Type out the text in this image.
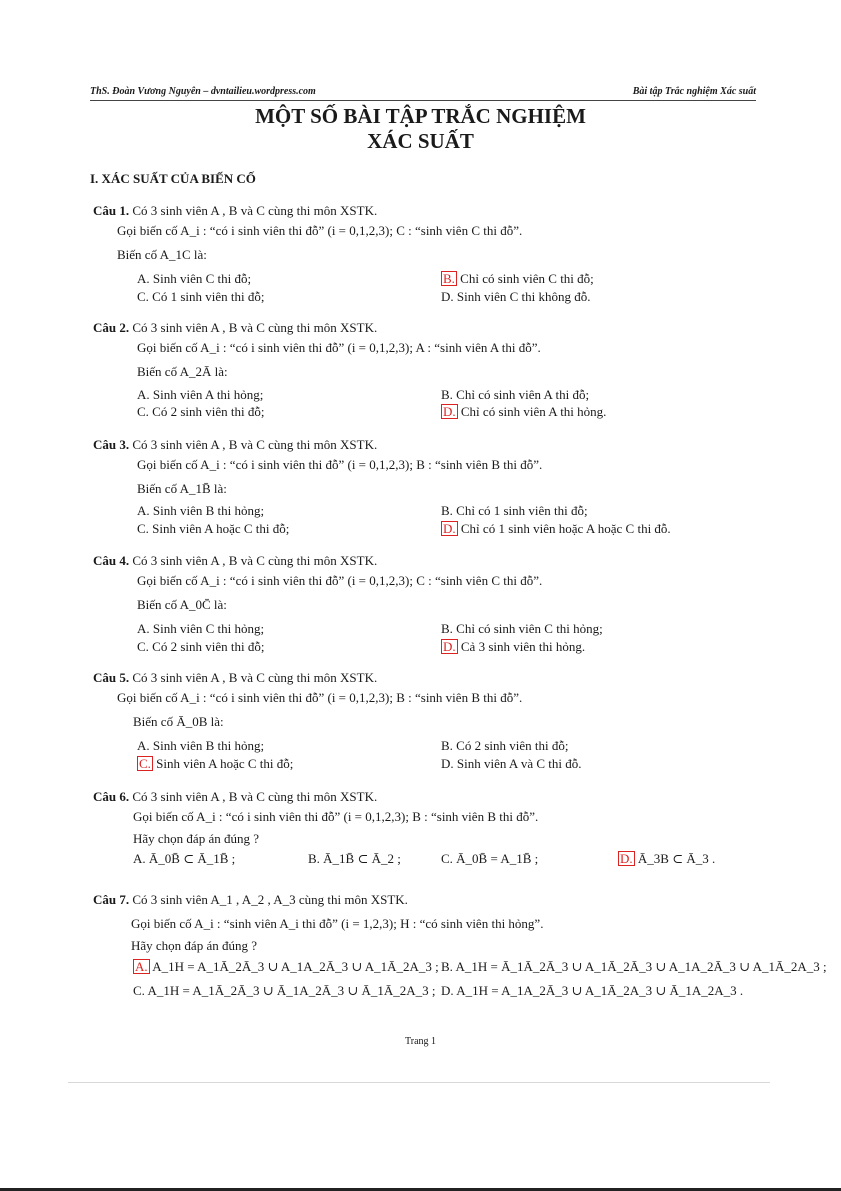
ThS. Đoàn Vương Nguyên – dvntailieu.wordpress.com	Bài tập Trắc nghiệm Xác suất
MỘT SỐ BÀI TẬP TRẮC NGHIỆM
XÁC SUẤT
I. XÁC SUẤT CỦA BIẾN CỐ
Câu 1. Có 3 sinh viên A , B và C cùng thi môn XSTK.
Gọi biến cố A_i : “có i sinh viên thi đỗ” (i = 0,1,2,3); C : “sinh viên C thi đỗ”.
Biến cố A_1C là:
A. Sinh viên C thi đỗ;	B. Chỉ có sinh viên C thi đỗ;
C. Có 1 sinh viên thi đỗ;	D. Sinh viên C thi không đỗ.
Câu 2. Có 3 sinh viên A , B và C cùng thi môn XSTK.
Gọi biến cố A_i : “có i sinh viên thi đỗ” (i = 0,1,2,3); A : “sinh viên A thi đỗ”.
Biến cố A_2Ā là:
A. Sinh viên A thi hỏng;	B. Chỉ có sinh viên A thi đỗ;
C. Có 2 sinh viên thi đỗ;	D. Chỉ có sinh viên A thi hỏng.
Câu 3. Có 3 sinh viên A , B và C cùng thi môn XSTK.
Gọi biến cố A_i : “có i sinh viên thi đỗ” (i = 0,1,2,3); B : “sinh viên B thi đỗ”.
Biến cố A_1B̄ là:
A. Sinh viên B thi hỏng;	B. Chỉ có 1 sinh viên thi đỗ;
C. Sinh viên A hoặc C thi đỗ;	D. Chỉ có 1 sinh viên hoặc A hoặc C thi đỗ.
Câu 4. Có 3 sinh viên A , B và C cùng thi môn XSTK.
Gọi biến cố A_i : “có i sinh viên thi đỗ” (i = 0,1,2,3); C : “sinh viên C thi đỗ”.
Biến cố A_0C̄ là:
A. Sinh viên C thi hỏng;	B. Chỉ có sinh viên C thi hỏng;
C. Có 2 sinh viên thi đỗ;	D. Cả 3 sinh viên thi hỏng.
Câu 5. Có 3 sinh viên A , B và C cùng thi môn XSTK.
Gọi biến cố A_i : “có i sinh viên thi đỗ” (i = 0,1,2,3); B : “sinh viên B thi đỗ”.
Biến cố Ā_0B là:
A. Sinh viên B thi hỏng;	B. Có 2 sinh viên thi đỗ;
C. Sinh viên A hoặc C thi đỗ;	D. Sinh viên A và C thi đỗ.
Câu 6. Có 3 sinh viên A , B và C cùng thi môn XSTK.
Gọi biến cố A_i : “có i sinh viên thi đỗ” (i = 0,1,2,3); B : “sinh viên B thi đỗ”.
Hãy chọn đáp án đúng ?
A. Ā_0B̄ ⊂ Ā_1B̄ ;	B. Ā_1B̄ ⊂ Ā_2 ;	C. Ā_0B̄ = A_1B̄ ;	D. Ā_3B ⊂ Ā_3 .
Câu 7. Có 3 sinh viên A_1 , A_2 , A_3 cùng thi môn XSTK.
Gọi biến cố A_i : “sinh viên A_i thi đỗ” (i = 1,2,3); H : “có sinh viên thi hỏng”.
Hãy chọn đáp án đúng ?
A. A_1H = A_1Ā_2Ā_3 ∪ A_1A_2Ā_3 ∪ A_1Ā_2A_3 ; B. A_1H = Ā_1Ā_2Ā_3 ∪ A_1Ā_2Ā_3 ∪ A_1A_2Ā_3 ∪ A_1Ā_2A_3 ;
C. A_1H = A_1Ā_2Ā_3 ∪ Ā_1A_2Ā_3 ∪ Ā_1Ā_2A_3 ; D. A_1H = A_1A_2Ā_3 ∪ A_1Ā_2A_3 ∪ Ā_1A_2A_3 .
Trang 1
